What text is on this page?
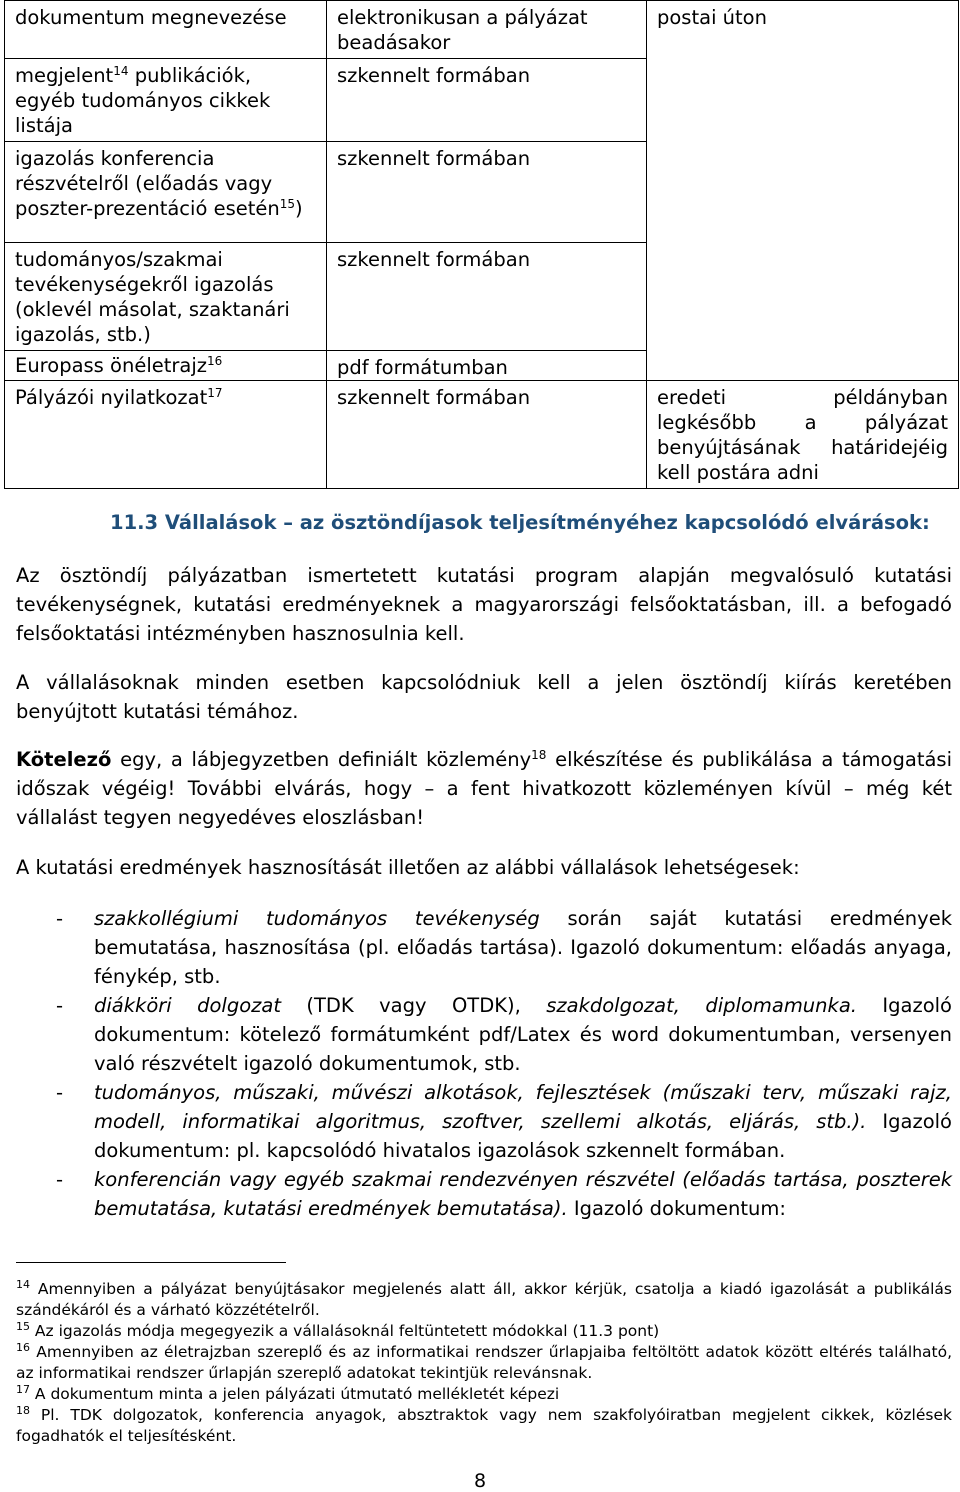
dokumentum megnevezése	elektronikusan a pályázat beadásakor	postai úton
megjelent$^{14}$ publikációk, egyéb tudományos cikkek listája	szkennelt formában	
igazolás konferencia részvételről (előadás vagy poszter-prezentáció esetén$^{15}$)	szkennelt formában	
tudományos/szakmai tevékenységekről igazolás (oklevél másolat, szaktanári igazolás, stb.)	szkennelt formában	
Europass önéletrajz$^{16}$	pdf formátumban	
Pályázói nyilatkozat$^{17}$	szkennelt formában	eredeti példányban legkésőbb a pályázat benyújtásának határidejéig kell postára adni
11.3 Vállalások – az ösztöndíjasok teljesítményéhez kapcsolódó elvárások:

Az ösztöndíj pályázatban ismertetett kutatási program alapján megvalósuló kutatási tevékenységnek, kutatási eredményeknek a magyarországi felsőoktatásban, ill. a befogadó felsőoktatási intézményben hasznosulnia kell.

A vállalásoknak minden esetben kapcsolódniuk kell a jelen ösztöndíj kiírás keretében benyújtott kutatási témához.

Kötelező egy, a lábjegyzetben definiált közlemény$^{18}$ elkészítése és publikálása a támogatási időszak végéig! További elvárás, hogy – a fent hivatkozott közleményen kívül – még két vállalást tegyen negyedéves eloszlásban!

A kutatási eredmények hasznosítását illetően az alábbi vállalások lehetségesek:

- szakkollégiumi tudományos tevékenység során saját kutatási eredmények bemutatása, hasznosítása (pl. előadás tartása). Igazoló dokumentum: előadás anyaga, fénykép, stb.
- diákköri dolgozat (TDK vagy OTDK), szakdolgozat, diplomamunka. Igazoló dokumentum: kötelező formátumként pdf/Latex és word dokumentumban, versenyen való részvételt igazoló dokumentumok, stb.
- tudományos, műszaki, művészi alkotások, fejlesztések (műszaki terv, műszaki rajz, modell, informatikai algoritmus, szoftver, szellemi alkotás, eljárás, stb.). Igazoló dokumentum: pl. kapcsolódó hivatalos igazolások szkennelt formában.
- konferencián vagy egyéb szakmai rendezvényen részvétel (előadás tartása, poszterek bemutatása, kutatási eredmények bemutatása). Igazoló dokumentum:
$^{14}$ Amennyiben a pályázat benyújtásakor megjelenés alatt áll, akkor kérjük, csatolja a kiadó igazolását a publikálás szándékáról és a várható közzétételről.
$^{15}$ Az igazolás módja megegyezik a vállalásoknál feltüntetett módokkal (11.3 pont)
$^{16}$ Amennyiben az életrajzban szereplő és az informatikai rendszer űrlapjaiba feltöltött adatok között eltérés található, az informatikai rendszer űrlapján szereplő adatokat tekintjük relevánsnak.
$^{17}$ A dokumentum minta a jelen pályázati útmutató mellékletét képezi
$^{18}$ Pl. TDK dolgozatok, konferencia anyagok, absztraktok vagy nem szakfolyóiratban megjelent cikkek, közlések fogadhatók el teljesítésként.
8
